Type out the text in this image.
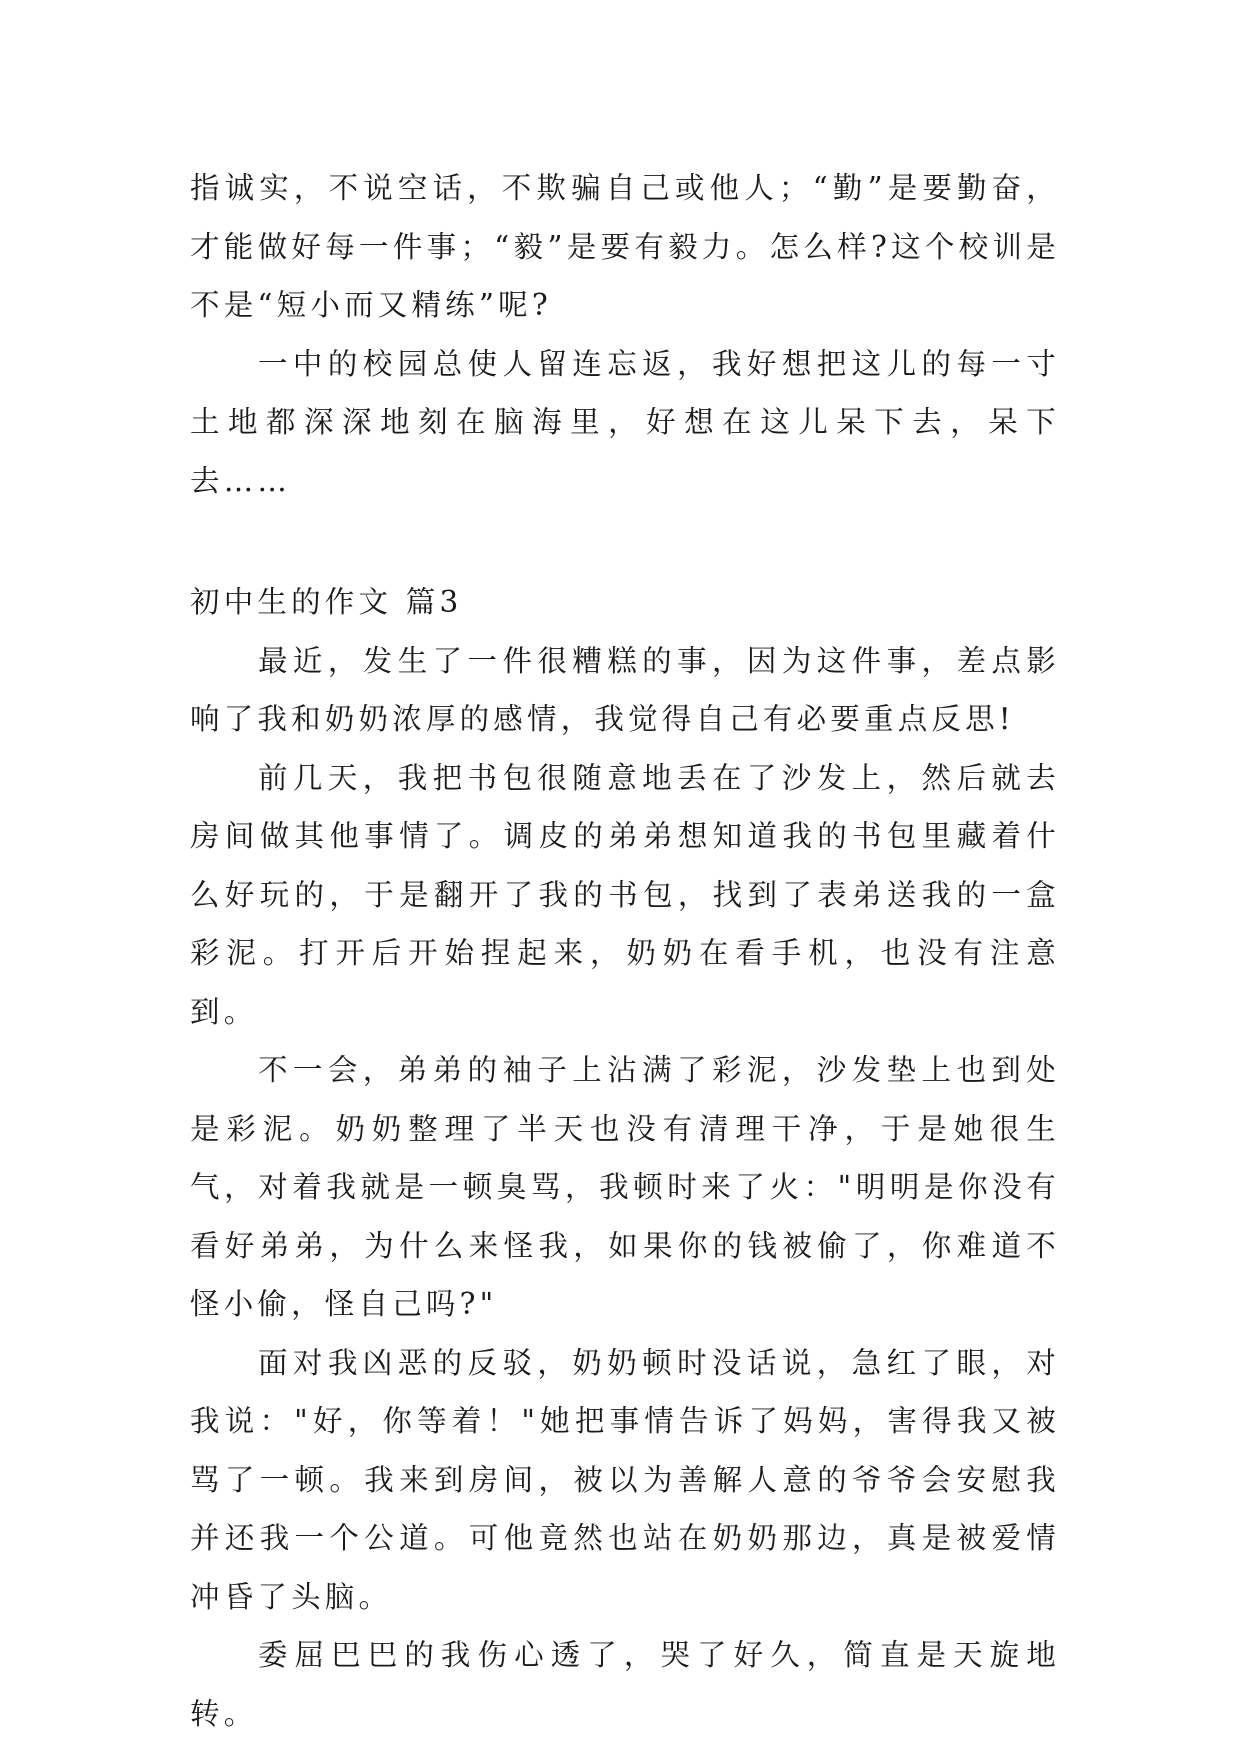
指诚实，不说空话，不欺骗自己或他人；“勤”是要勤奋，才能做好每一件事；“毅”是要有毅力。怎么样?这个校训是不是“短小而又精练”呢?

一中的校园总使人留连忘返，我好想把这儿的每一寸土地都深深地刻在脑海里，好想在这儿呆下去，呆下去……

初中生的作文 篇3

最近，发生了一件很糟糕的事，因为这件事，差点影响了我和奶奶浓厚的感情，我觉得自己有必要重点反思!

前几天，我把书包很随意地丢在了沙发上，然后就去房间做其他事情了。调皮的弟弟想知道我的书包里藏着什么好玩的，于是翻开了我的书包，找到了表弟送我的一盒彩泥。打开后开始捏起来，奶奶在看手机，也没有注意到。

不一会，弟弟的袖子上沾满了彩泥，沙发垫上也到处是彩泥。奶奶整理了半天也没有清理干净，于是她很生气，对着我就是一顿臭骂，我顿时来了火："明明是你没有看好弟弟，为什么来怪我，如果你的钱被偷了，你难道不怪小偷，怪自己吗?"

面对我凶恶的反驳，奶奶顿时没话说，急红了眼，对我说："好，你等着！"她把事情告诉了妈妈，害得我又被骂了一顿。我来到房间，被以为善解人意的爷爷会安慰我并还我一个公道。可他竟然也站在奶奶那边，真是被爱情冲昏了头脑。

委屈巴巴的我伤心透了，哭了好久，简直是天旋地转。
